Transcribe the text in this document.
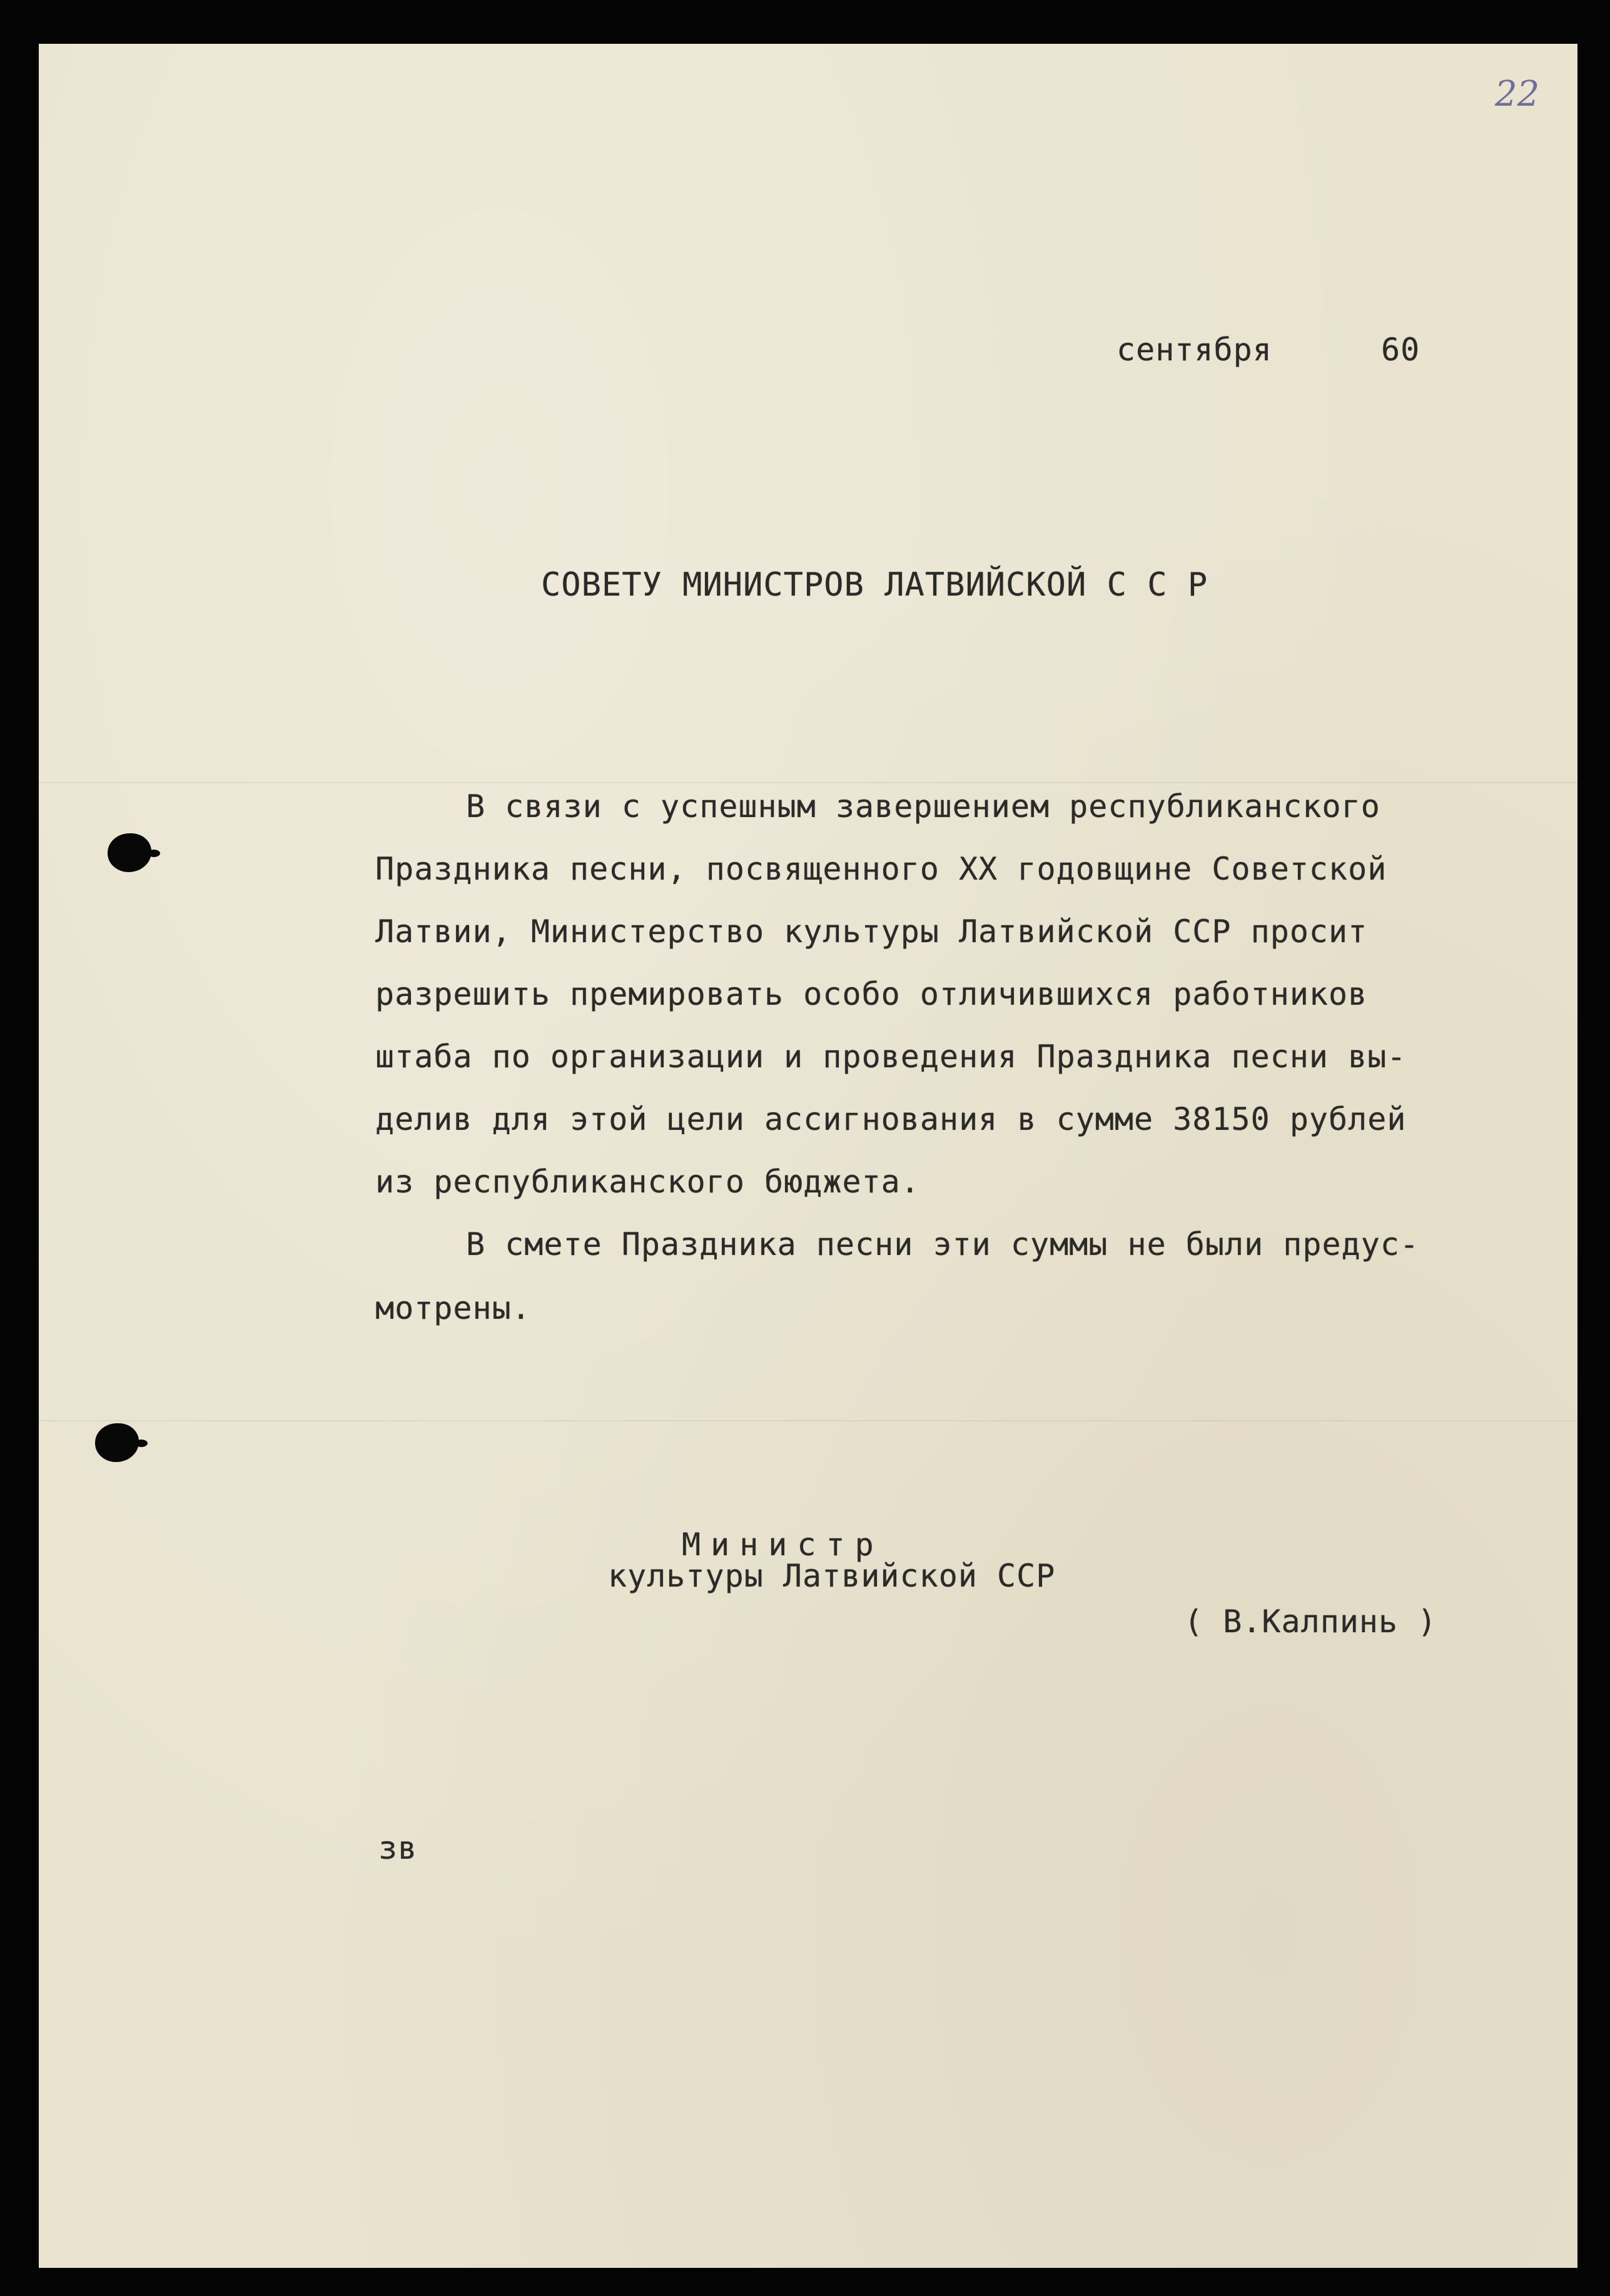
22
сентября	60
СОВЕТУ МИНИСТРОВ ЛАТВИЙСКОЙ С С Р
В связи с успешным завершением республиканского
Праздника песни, посвященного XX годовщине Советской
Латвии, Министерство культуры Латвийской ССР просит
разрешить премировать особо отличившихся работников
штаба по организации и проведения Праздника песни вы-
делив для этой цели ассигнования в сумме 38150 рублей
из республиканского бюджета.
В смете Праздника песни эти суммы не были предус-
мотрены.
Министр
культуры Латвийской ССР
( В.Калпинь )
зв
